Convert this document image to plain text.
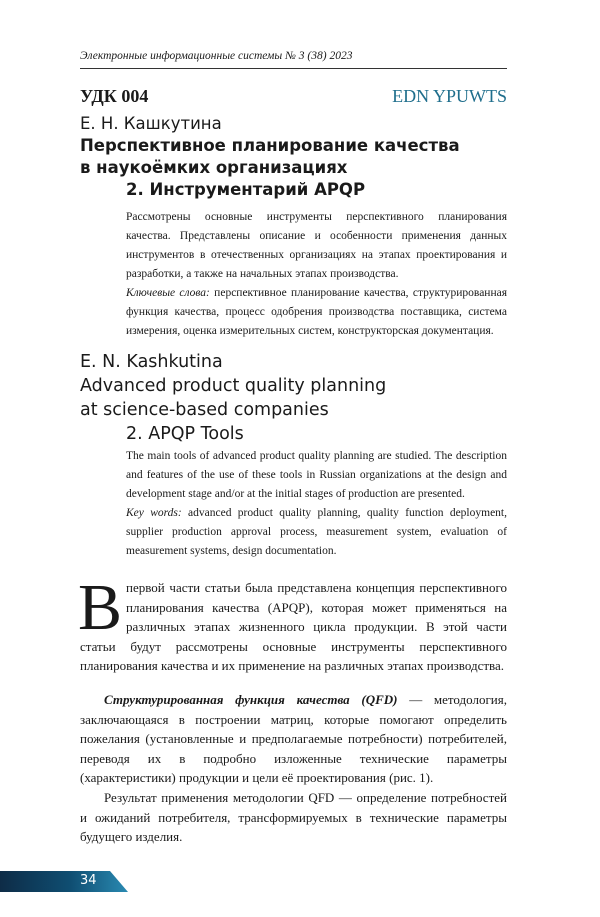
Электронные информационные системы № 3 (38) 2023
УДК 004	EDN YPUWTS
Е. Н. Кашкутина
Перспективное планирование качества
в наукоёмких организациях
2. Инструментарий APQP

Рассмотрены основные инструменты перспективного планирования качества. Представлены описание и особенности применения данных инструментов в отечественных организациях на этапах проектирования и разработки, а также на начальных этапах производства.

Ключевые слова: перспективное планирование качества, структурированная функция качества, процесс одобрения производства поставщика, система измерения, оценка измерительных систем, конструкторская документация.

E. N. Kashkutina
Advanced product quality planning
at science-based companies
2. APQP Tools

The main tools of advanced product quality planning are studied. The description and features of the use of these tools in Russian organizations at the design and development stage and/or at the initial stages of production are presented.

Key words: advanced product quality planning, quality function deployment, supplier production approval process, measurement system, evaluation of measurement systems, design documentation.

Впервой части статьи была представлена концепция перспективного планирования качества (APQP), которая может применяться на различных этапах жизненного цикла продукции. В этой части статьи будут рассмотрены основные инструменты перспективного планирования качества и их применение на различных этапах производства.

Структурированная функция качества (QFD) — методология, заключающаяся в построении матриц, которые помогают определить пожелания (установленные и предполагаемые потребности) потребителей, переводя их в подробно изложенные технические параметры (характеристики) продукции и цели её проектирования (рис. 1).

Результат применения методологии QFD — определение потребностей и ожиданий потребителя, трансформируемых в технические параметры будущего изделия.

34
